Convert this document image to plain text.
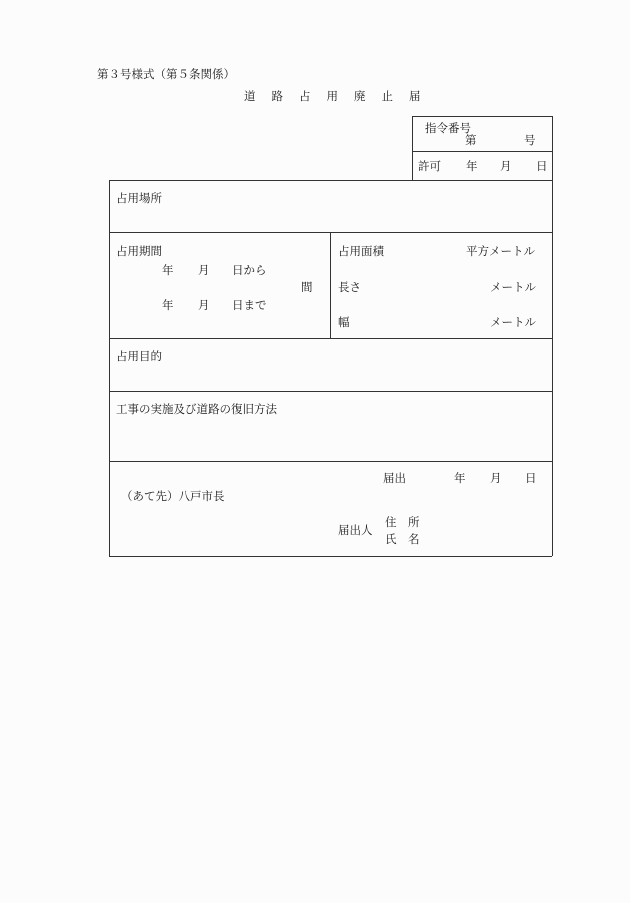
第３号様式（第５条関係）
道 路 占 用 廃 止 届
指令番号
第	号
許可 年 月 日
占用場所
占用期間
年 月 日から
間
年 月 日まで
占用面積	平方メートル
長さ	メートル
幅	メートル
占用目的
工事の実施及び道路の復旧方法
届出	年 月 日
（あて先）八戸市長
届出人
住　所
氏　名
